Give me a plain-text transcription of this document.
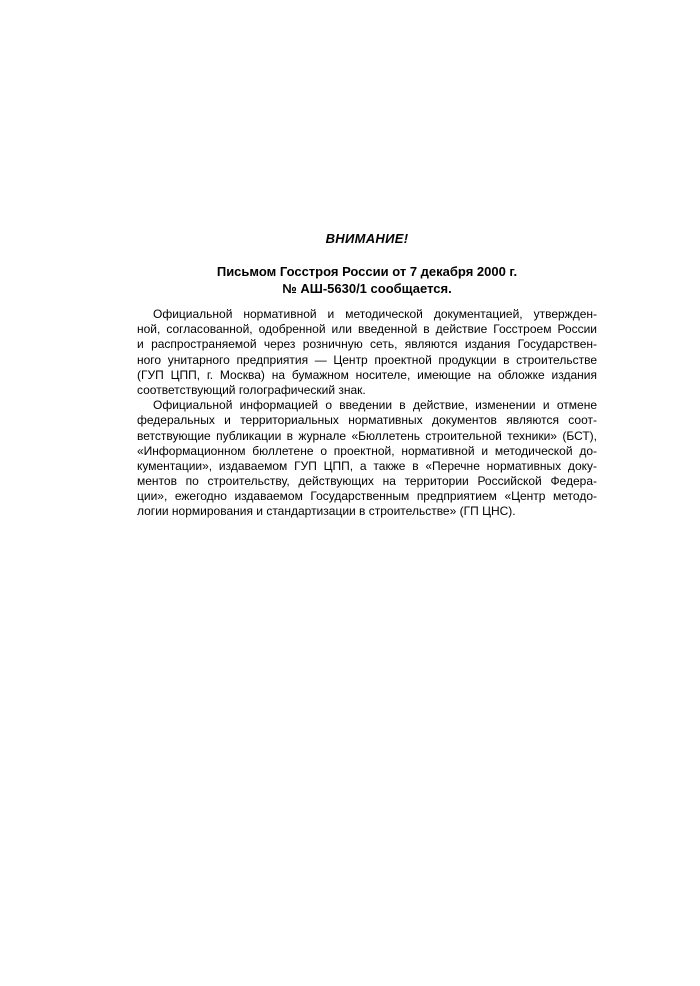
ВНИМАНИЕ!

Письмом Госстроя России от 7 декабря 2000 г.
№ АШ-5630/1 сообщается.

Официальной нормативной и методической документацией, утвержден-
ной, согласованной, одобренной или введенной в действие Госстроем России
и распространяемой через розничную сеть, являются издания Государствен-
ного унитарного предприятия — Центр проектной продукции в строительстве
(ГУП ЦПП, г. Москва) на бумажном носителе, имеющие на обложке издания
соответствующий голографический знак.
Официальной информацией о введении в действие, изменении и отмене
федеральных и территориальных нормативных документов являются соот-
ветствующие публикации в журнале «Бюллетень строительной техники» (БСТ),
«Информационном бюллетене о проектной, нормативной и методической до-
кументации», издаваемом ГУП ЦПП, а также в «Перечне нормативных доку-
ментов по строительству, действующих на территории Российской Федера-
ции», ежегодно издаваемом Государственным предприятием «Центр методо-
логии нормирования и стандартизации в строительстве» (ГП ЦНС).
